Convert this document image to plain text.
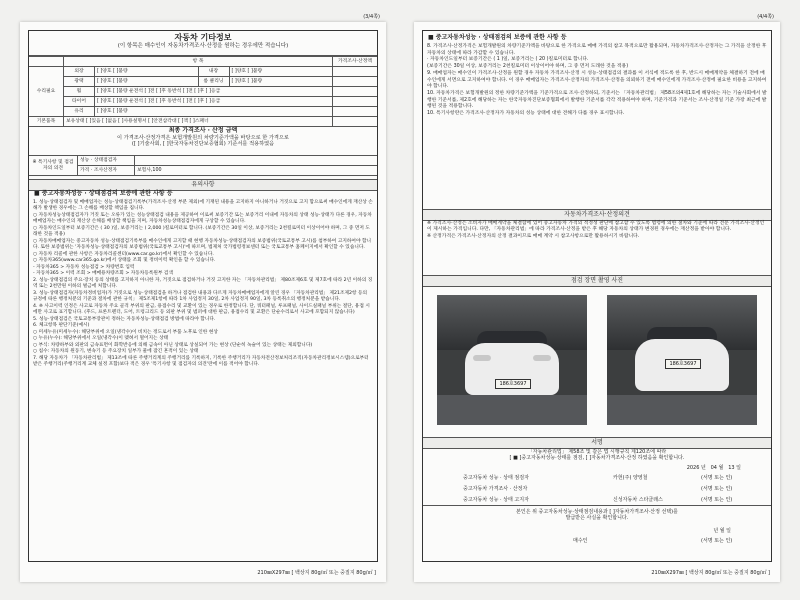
(3/4쪽)
자동차 기타정보
(이 항목은 매수인이 자동차가격조사·산정을 원하는 경우에만 적습니다)
	항 목				가격조사·산정액
수리필요	외장	[ ]양호 [ ]불량	내장	[ ]양호 [ ]불량	
	광택	[ ]양호 [ ]불량	룸 클리닝	[ ]양호 [ ]불량	
	휠	[ ]양호 [ ]불량 운전석 [ ]전 [ ]후 동반석 [ ]전 [ ]후 [ ]응급			
	타이어	[ ]양호 [ ]불량 운전석 [ ]전 [ ]후 동반석 [ ]전 [ ]후 [ ]응급			
	유리	[ ]양호 [ ]불량			
기본품목	보유상태 [ ]있음 [ ]없음 [ ]사용설명서 [ ]안전삼각대 [ ]잭 [ ]스패너				
최종 가격조사 · 산정 금액
이 가격조사·산정가격은 보험개발원의 차량기준가액을 바탕으로 한 가격으로
([ ]기술사회, [ ]한국자동차진단보증협회) 기준서를 적용하였음
※ 특기사항 및 점검자의 의견	성능 · 상태점검자	
	가격 · 조사산정자	보험사,100
유의사항
■ 중고자동차성능 · 상태점검의 보증에 관한 사항 등
1. 성능·상태점검자 및 매매업자는 성능·상태점검기록부(가격조사·산정 부분 제외)에 기재된 내용을 고지하지 아니하거나 거짓으로 고지 함으로써 매수인에게 재산상 손해가 발생한 경우에는 그 손해를 배상할 책임을 집니다.
○ 자동차성능상태점검자가 거짓 또는 오류가 있는 성능상태점검 내용을 제공하여 이로써 보증기간 또는 보증거리 이내에 자동차의 상태 성능·상태가 다른 경우, 자동차매매업자는 매수인의 재산상 손해를 배상할 책임을 지며, 자동차성능상태점검자에게 구상할 수 있습니다.
○ 자동차인도일부터 보증기간은 ( 30 )일, 보증거리는 ( 2,000 )킬로미터로 합니다. (보증기간은 30일 이상, 보증거리는 2천킬로미터 이상이어야 하며, 그 중 먼저 도래한 것을 적용)
○ 자동차매매업자는 중고자동차 성능·상태점검기록부를 매수인에게 고지할 때 현행 자동차성능·상태점검자의 보증범위(국토교통부 고시)를 첨부하여 고지하여야 합니다. 또한 보증범위는 '자동차성능·상태점검자의 보증범위(국토교통부 고시)'에 따르며, 법제처 국가법령정보센터 또는 국토교통부 홈페이지에서 확인할 수 있습니다.
○ 자동차 리콜에 관한 사항은 자동차리콜센터(www.car.go.kr)에서 확인할 수 있습니다.
○ 자동차365(www.car365.go.kr)에서 상태를 조회 및 정비이력 확인을 할 수 있습니다.
- 자동차365 > 자동차 성능점검 > 차량번호 입력
- 자동차365 > 이력 조회 > 매매용차량조회 > 자동차등록원부 검색
2. 성능·상태점검의 주요·장치 등의 상태를 고지하지 아니한 자, 거짓으로 점검하거나 거짓 고지한 자는 「자동차관리법」 제80조제6호 및 제7호에 따라 2년 이하의 징역 또는 2천만원 이하의 벌금에 처합니다.
3. 성능·상태점검자(자동차정비업자)가 거짓으로 성능·상태점검을 하거나 점검한 내용과 다르게 자동차매매업자에게 알린 경우 「자동차관리법」 제21조제2항 등의 규정에 따른 행정처분의 기준과 절차에 관한 규칙」 제5조제1항에 따라 1차 사업정지 30일, 2차 사업정지 90일, 3차 등록취소의 행정처분을 받습니다.
4. ※ 사고이력 인정은 사고로 자동차 주요 골격 부위의 판금, 용접수리 및 교환이 있는 경우로 한정합니다. 단, 쿼터패널, 루프패널, 사이드실패널 부위는 절단, 용접 시에만 사고로 표기합니다. (후드, 프론트펜더, 도어, 트렁크리드 등 외판 부위 및 범퍼에 대한 판금, 용접수리 및 교환은 단순수리로서 사고에 포함되지 않습니다)
5. 성능·상태점검은 국토교통부장관이 정하는 자동차성능·상태점검 방법에 따라야 합니다.
6. 체크항목 판단기준(예시)
○ 미세누유(미세누수): 해당부위에 오일(냉각수)이 비치는 정도로서 부품 노후로 인한 현상
○ 누유(누수): 해당부위에서 오일(냉각수)이 맺혀서 떨어지는 상태
○ 부식: 차량하부와 외판의 금속표면이 화학반응에 의해 금속이 아닌 상태로 상실되어 가는 현상 (단순히 녹슬어 있는 상태는 제외합니다)
○ 침수: 자동차의 원동기, 변속기 등 주요장치 일부가 물에 잠긴 흔적이 있는 상태
7. 해당 자동차가 「자동차관리법」 제13조에 따른 주행거리계의 주행거리를 기록하지, 기록한 주행거리가 자동차전산정보처리조직(자동차관리정보시스템)으로부터 받은 주행거리(주행거리계 교체 실정 포함)보다 적은 경우 '특기사항 및 점검자의 의견'란에 이를 적어야 합니다.
210㎜X297㎜ [ 백상지 80g/㎡ 또는 중질지 80g/㎡ ]
(4/4쪽)
■ 중고자동차성능 · 상태점검의 보증에 관한 사항 등
8. 가격조사·산정가격은 보험개발원의 차량기준가액을 바탕으로 한 가격으로 매매 가격의 참고 목적으로만 활용되며, 자동차가격조사·산정자는 그 가격을 산정한 후 자동차의 상태에 따라 가감할 수 있습니다.
· 자동차인도일부터 보증기간은 ( 1 )일, 보증거리는 ( 20 )킬로미터로 합니다.
(보증기간은 30일 이상, 보증거리는 2천킬로미터 이상이어야 하며, 그 중 먼저 도래한 것을 적용)
9. 매매업자는 매수인이 가격조사·산정을 원할 경우 자동차 가격조사·산정 시 성능·상태점검의 결과를 이 서식에 적도록 한 후, 반드시 매매계약을 체결하기 전에 매수인에게 서면으로 고지하여야 합니다. 이 경우 매매업자는 가격조사·산정자의 가격조사·산정을 의뢰하기 전에 매수인에게 가격조사·산정에 필요한 비용을 고지하여야 합니다.
10. 자동차가격은 보험개발원의 정한 차량기준가액을 기준가격으로 조사·산정하되, 기준서는 「자동차관리법」 제58조의4제1호에 해당하는 자는 기술사회에서 발행한 기준서를, 제2호에 해당하는 자는 한국자동차진단보증협회에서 발행한 기준서를 각각 적용하여야 하며, 기준가격과 기준서는 조사·산정일 기준 가장 최근에 발행된 것을 적용합니다.
10. 특기사항란은 가격조사·산정자가 자동차의 성능 상태에 대한 견해가 다를 경우 표시합니다.
자동차가격조사·산정의견
※ 가격조사·산정은 소비자가 매매계약을 체결함에 있어 중고자동차 가격의 적정성 판단에 참고할 수 있도록 법령에 의한 절차와 기준에 따라 전문 가격조사·산정인이 제시하는 가격입니다. 다만, 「자동차관리법」에 따라 가격조사·산정을 받은 후 해당 자동차의 상태가 변경된 경우에는 재산정을 받아야 합니다.
※ 산정가격은 가격조사·산정자의 산정 결과이므로 매매 계약 시 참고사항으로만 활용하시기 바랍니다.
점검 장면 촬영 사진
186호3697
186호3697
서명
「자동차관리법」 제58조 및 같은 법 시행규칙 제120조에 따라
[ ■ ]중고자동차성능·상태를 점검, [ ]자동차가격조사·산정 하였음을 확인합니다.
2026 년 04 월 13 일
중고자동차 성능 · 상태 점검자	카헌(주) 양영철	(서명 또는 인)
중고자동차 가격조사 · 산정자	(서명 또는 인)
중고자동차 성능 · 상태 고지자	신성자동차 스타클래스	(서명 또는 인)
본인은 위 중고자동차성능·상태점검내용과 [ ]자동차가격조사·산정 선택)를
발급받은 사실을 확인합니다.
년 월 일
매수인	(서명 또는 인)
210㎜X297㎜ [ 백상지 80g/㎡ 또는 중질지 80g/㎡ ]
